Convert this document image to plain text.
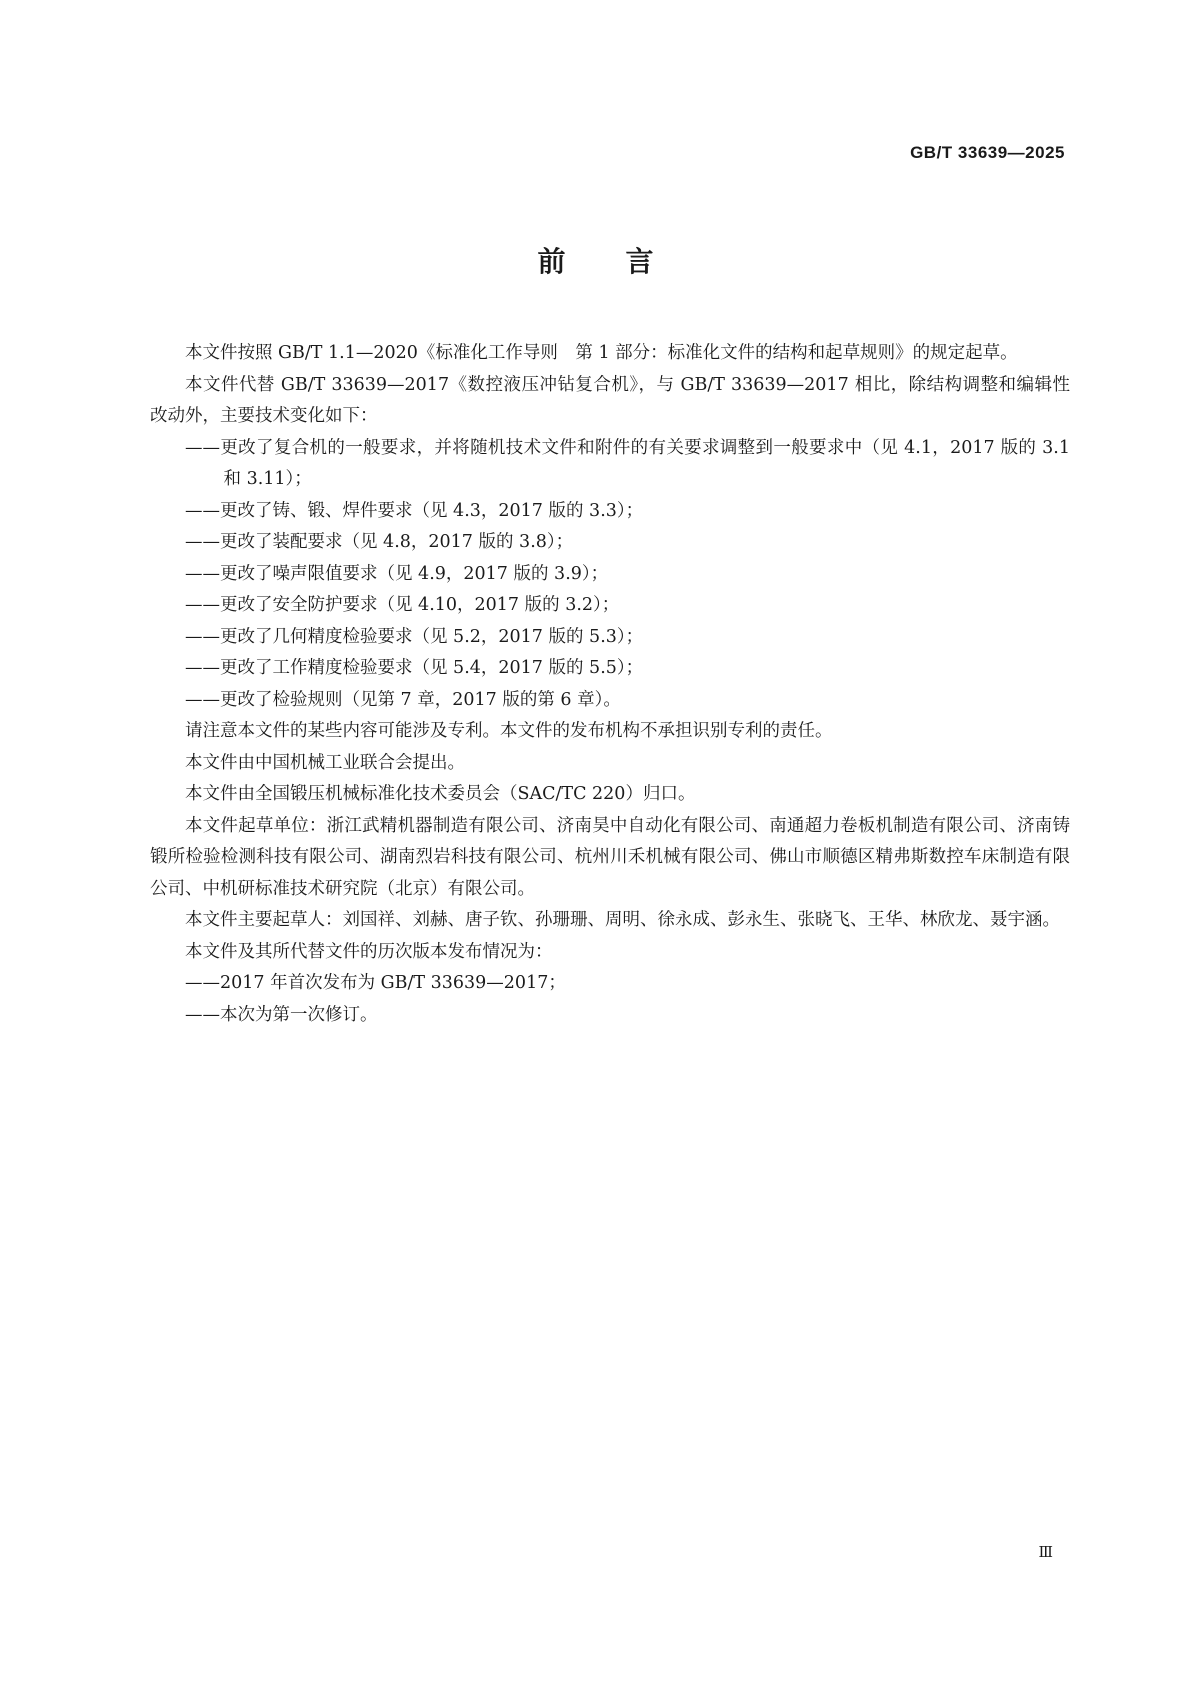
GB/T 33639—2025
前言

本文件按照 GB/T 1.1—2020《标准化工作导则　第 1 部分：标准化文件的结构和起草规则》的规定起草。

本文件代替 GB/T 33639—2017《数控液压冲钻复合机》，与 GB/T 33639—2017 相比，除结构调整和编辑性改动外，主要技术变化如下：

——更改了复合机的一般要求，并将随机技术文件和附件的有关要求调整到一般要求中（见 4.1，2017 版的 3.1 和 3.11）；

——更改了铸、锻、焊件要求（见 4.3，2017 版的 3.3）；

——更改了装配要求（见 4.8，2017 版的 3.8）；

——更改了噪声限值要求（见 4.9，2017 版的 3.9）；

——更改了安全防护要求（见 4.10，2017 版的 3.2）；

——更改了几何精度检验要求（见 5.2，2017 版的 5.3）；

——更改了工作精度检验要求（见 5.4，2017 版的 5.5）；

——更改了检验规则（见第 7 章，2017 版的第 6 章）。

请注意本文件的某些内容可能涉及专利。本文件的发布机构不承担识别专利的责任。

本文件由中国机械工业联合会提出。

本文件由全国锻压机械标准化技术委员会（SAC/TC 220）归口。

本文件起草单位：浙江武精机器制造有限公司、济南昊中自动化有限公司、南通超力卷板机制造有限公司、济南铸锻所检验检测科技有限公司、湖南烈岩科技有限公司、杭州川禾机械有限公司、佛山市顺德区精弗斯数控车床制造有限公司、中机研标准技术研究院（北京）有限公司。

本文件主要起草人：刘国祥、刘赫、唐子钦、孙珊珊、周明、徐永成、彭永生、张晓飞、王华、林欣龙、聂宇涵。

本文件及其所代替文件的历次版本发布情况为：

——2017 年首次发布为 GB/T 33639—2017；

——本次为第一次修订。

Ⅲ
